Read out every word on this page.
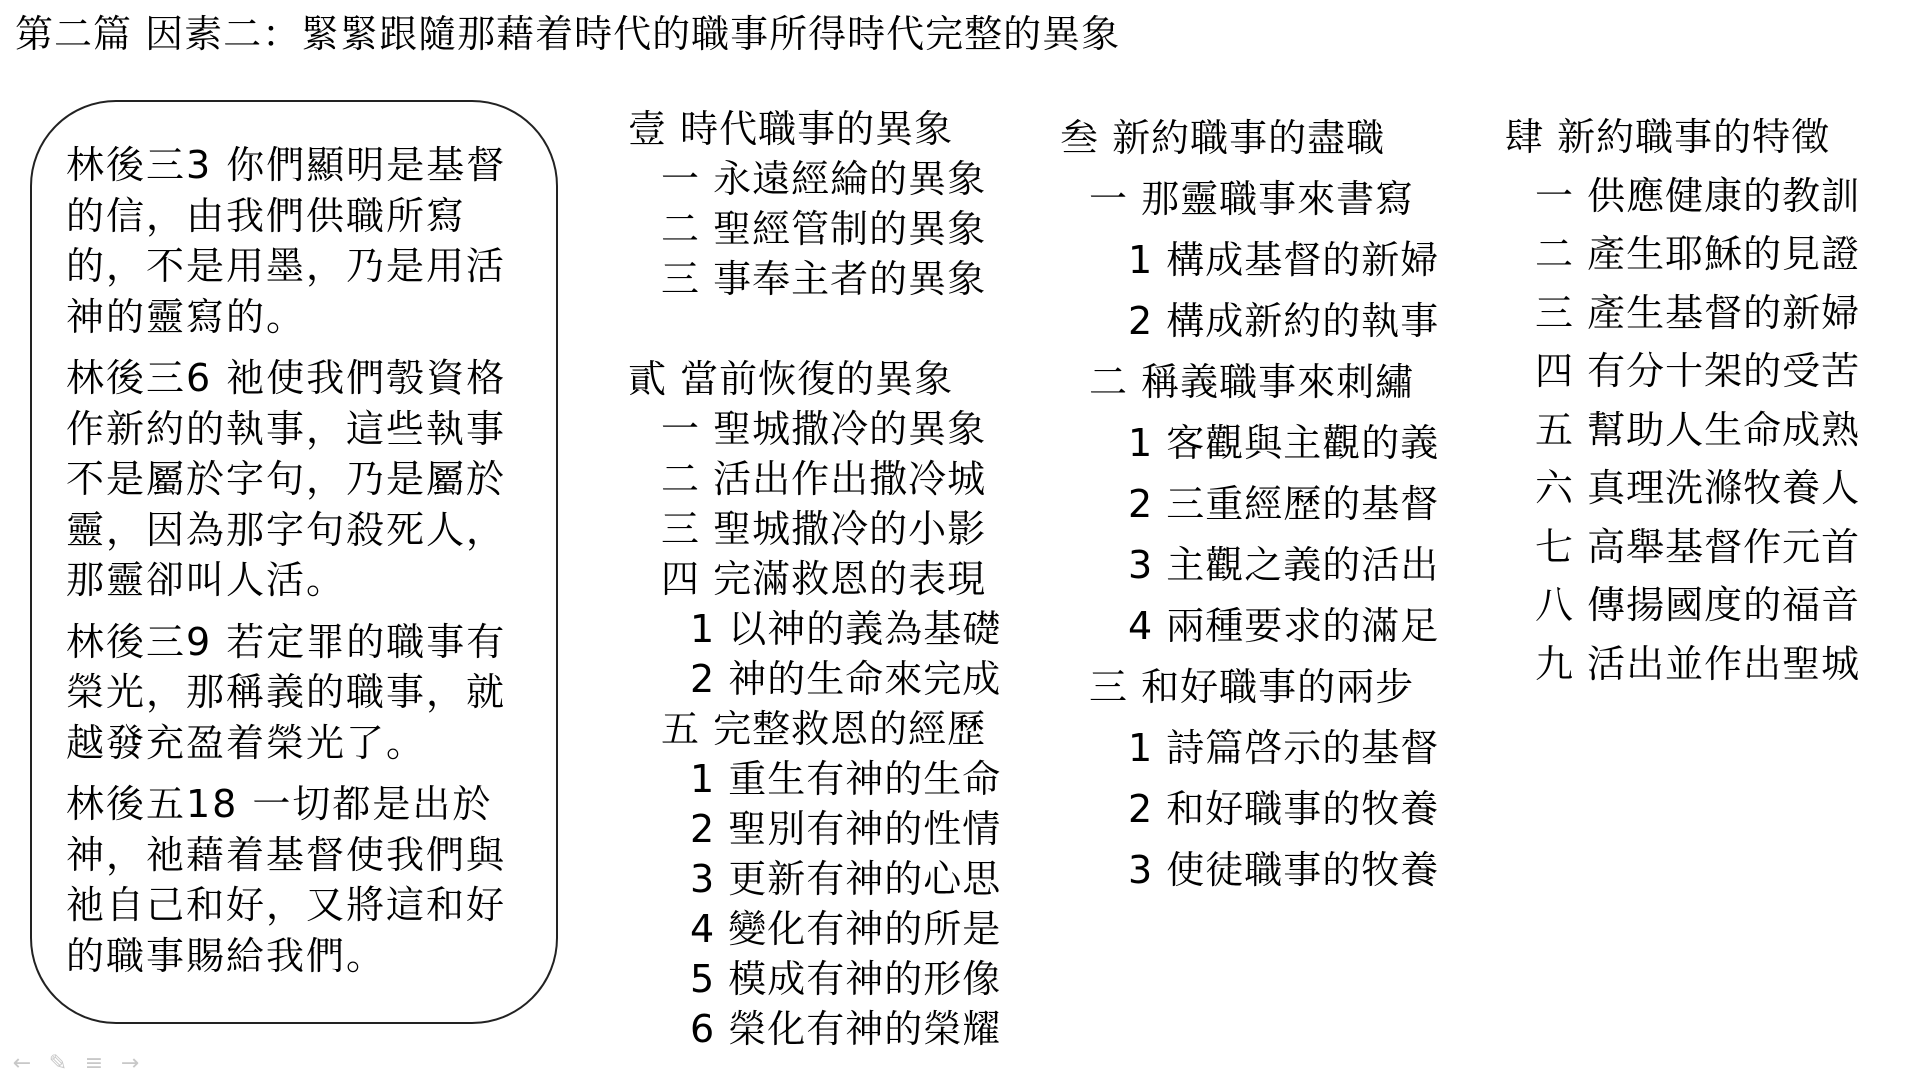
第二篇 因素二：緊緊跟隨那藉着時代的職事所得時代完整的異象
林後三3 你們顯明是基督的信，由我們供職所寫的，不是用墨，乃是用活神的靈寫的。
林後三6 祂使我們彀資格作新約的執事，這些執事不是屬於字句，乃是屬於靈，因為那字句殺死人，那靈卻叫人活。
林後三9 若定罪的職事有榮光，那稱義的職事，就越發充盈着榮光了。
林後五18 一切都是出於神，祂藉着基督使我們與祂自己和好，又將這和好的職事賜給我們。
壹 時代職事的異象
一 永遠經綸的異象
二 聖經管制的異象
三 事奉主者的異象
貳 當前恢復的異象
一 聖城撒冷的異象
二 活出作出撒冷城
三 聖城撒冷的小影
四 完滿救恩的表現
1 以神的義為基礎
2 神的生命來完成
五 完整救恩的經歷
1 重生有神的生命
2 聖別有神的性情
3 更新有神的心思
4 變化有神的所是
5 模成有神的形像
6 榮化有神的榮耀
叁 新約職事的盡職
一 那靈職事來書寫
1 構成基督的新婦
2 構成新約的執事
二 稱義職事來刺繡
1 客觀與主觀的義
2 三重經歷的基督
3 主觀之義的活出
4 兩種要求的滿足
三 和好職事的兩步
1 詩篇啓示的基督
2 和好職事的牧養
3 使徒職事的牧養
肆 新約職事的特徵
一 供應健康的教訓
二 產生耶穌的見證
三 產生基督的新婦
四 有分十架的受苦
五 幫助人生命成熟
六 真理洗滌牧養人
七 高舉基督作元首
八 傳揚國度的福音
九 活出並作出聖城
← ✎ ≡ →
